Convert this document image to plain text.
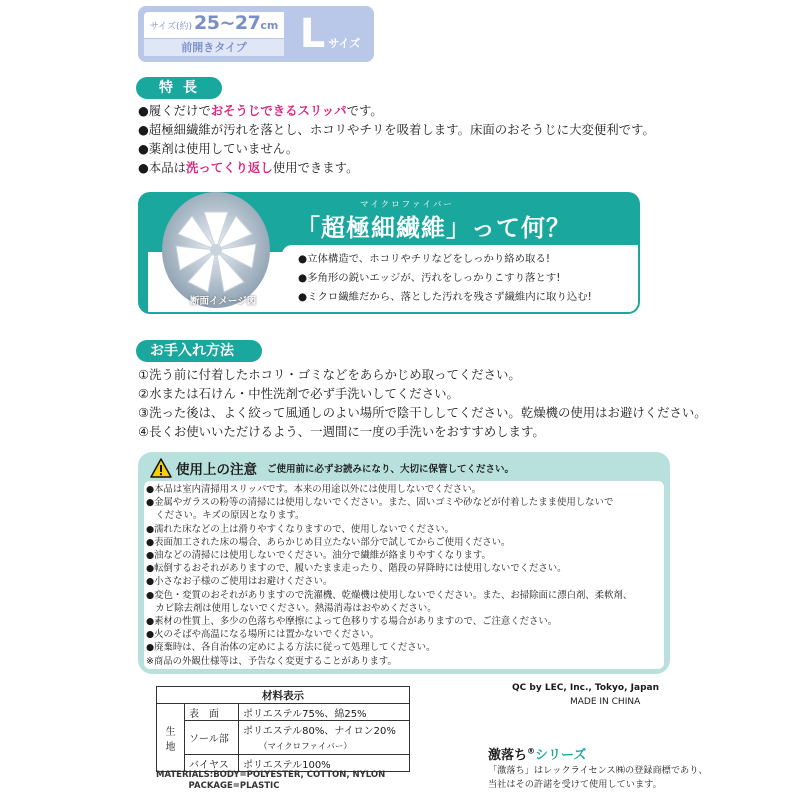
サイズ(約) 25~27 cm
前開きタイプ	L サイズ
特長
●履くだけでおそうじできるスリッパです。
●超極細繊維が汚れを落とし、ホコリやチリを吸着します。床面のおそうじに大変便利です。
●薬剤は使用していません。
●本品は洗ってくり返し使用できます。
断面イメージ図
マイクロファイバー
「超極細繊維」って何？
●立体構造で、ホコリやチリなどをしっかり絡め取る!
●多角形の鋭いエッジが、汚れをしっかりこすり落とす!
●ミクロ繊維だから、落とした汚れを残さず繊維内に取り込む!
お手入れ方法
①洗う前に付着したホコリ・ゴミなどをあらかじめ取ってください。
②水または石けん・中性洗剤で必ず手洗いしてください。
③洗った後は、よく絞って風通しのよい場所で陰干ししてください。乾燥機の使用はお避けください。
④長くお使いいただけるよう、一週間に一度の手洗いをおすすめします。
使用上の注意 ご使用前に必ずお読みになり、大切に保管してください。
●本品は室内清掃用スリッパです。本来の用途以外には使用しないでください。
●金属やガラスの粉等の清掃には使用しないでください。また、固いゴミや砂などが付着したまま使用しないで
　ください。キズの原因となります。
●濡れた床などの上は滑りやすくなりますので、使用しないでください。
●表面加工された床の場合、あらかじめ目立たない部分で試してからご使用ください。
●油などの清掃には使用しないでください。油分で繊維が絡まりやすくなります。
●転倒するおそれがありますので、履いたまま走ったり、階段の昇降時には使用しないでください。
●小さなお子様のご使用はお避けください。
●変色・変質のおそれがありますので洗濯機、乾燥機は使用しないでください。また、お掃除面に漂白剤、柔軟剤、
　カビ除去剤は使用しないでください。熱湯消毒はおやめください。
●素材の性質上、多少の色落ちや摩擦によって色移りする場合がありますので、ご注意ください。
●火のそばや高温になる場所には置かないでください。
●廃棄時は、各自治体の定めによる方法に従って処理してください。
※商品の外観仕様等は、予告なく変更することがあります。
材料表示		
生地	表　面	ポリエステル75%、綿25%
	ソール部	ポリエステル80%、ナイロン20%
		（マイクロファイバー）
	バイヤス	ポリエステル100%
MATERIALS:BODY=POLYESTER, COTTON, NYLON
PACKAGE=PLASTIC
QC by LEC, Inc., Tokyo, Japan
MADE IN CHINA
激落ち®シリーズ
「激落ち」はレックライセンス㈱の登録商標であり、
当社はその許諾を受けて使用しています。
